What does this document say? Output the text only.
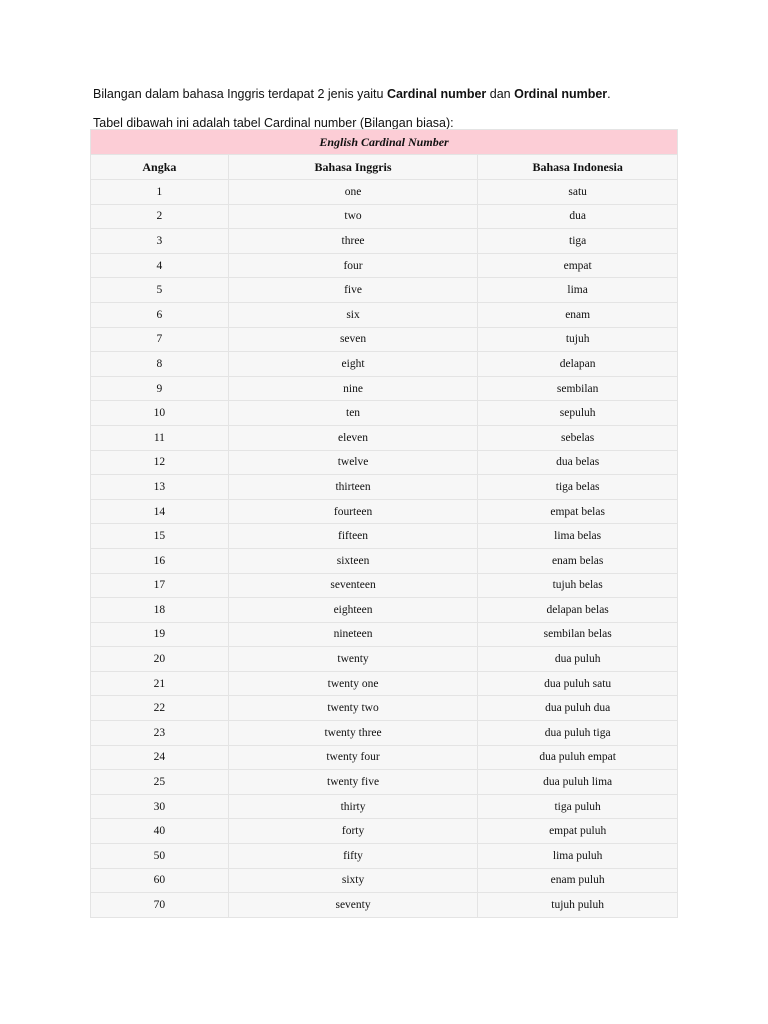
Bilangan dalam bahasa Inggris terdapat 2 jenis yaitu Cardinal number dan Ordinal number.

Tabel dibawah ini adalah tabel Cardinal number (Bilangan biasa):

English Cardinal Number		
Angka	Bahasa Inggris	Bahasa Indonesia
1	one	satu
2	two	dua
3	three	tiga
4	four	empat
5	five	lima
6	six	enam
7	seven	tujuh
8	eight	delapan
9	nine	sembilan
10	ten	sepuluh
11	eleven	sebelas
12	twelve	dua belas
13	thirteen	tiga belas
14	fourteen	empat belas
15	fifteen	lima belas
16	sixteen	enam belas
17	seventeen	tujuh belas
18	eighteen	delapan belas
19	nineteen	sembilan belas
20	twenty	dua puluh
21	twenty one	dua puluh satu
22	twenty two	dua puluh dua
23	twenty three	dua puluh tiga
24	twenty four	dua puluh empat
25	twenty five	dua puluh lima
30	thirty	tiga puluh
40	forty	empat puluh
50	fifty	lima puluh
60	sixty	enam puluh
70	seventy	tujuh puluh
